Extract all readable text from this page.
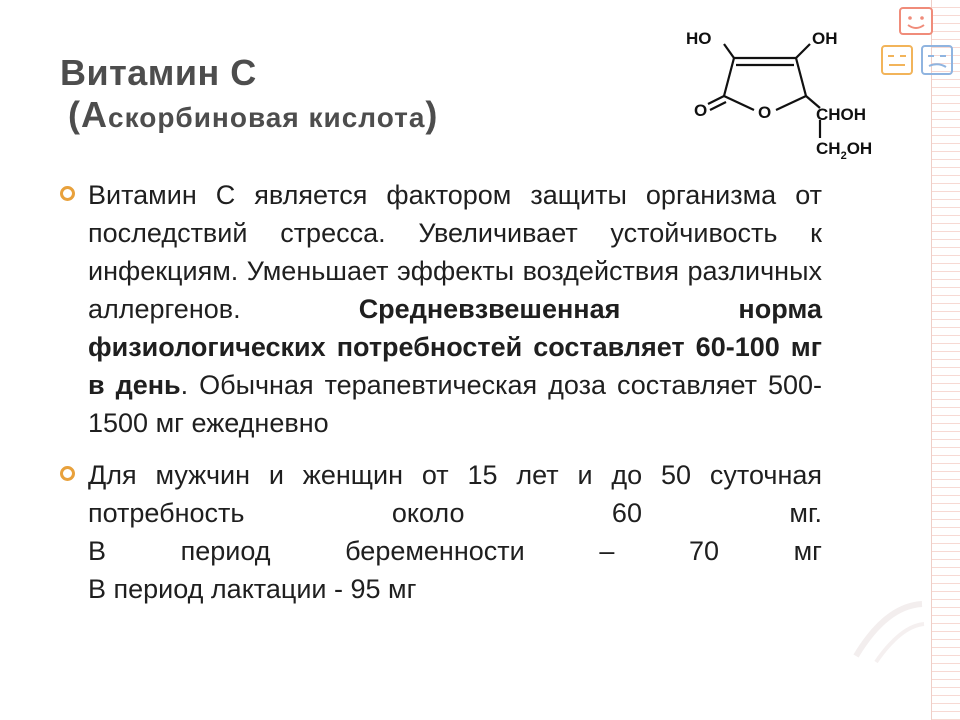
Витамин С
(Аскорбиновая кислота)
HO	OH
O	O	CHOH
$CH_2OH$
Витамин С является фактором защиты организма от последствий стресса. Увеличивает устойчивость к инфекциям. Уменьшает эффекты воздействия различных аллергенов. Средневзвешенная норма физиологических потребностей составляет 60-100 мг в день. Обычная терапевтическая доза составляет 500-1500 мг ежедневно
Для мужчин и женщин от 15 лет и до 50 суточная
потребность около 60 мг.
В период беременности – 70 мг
В период лактации - 95 мг
